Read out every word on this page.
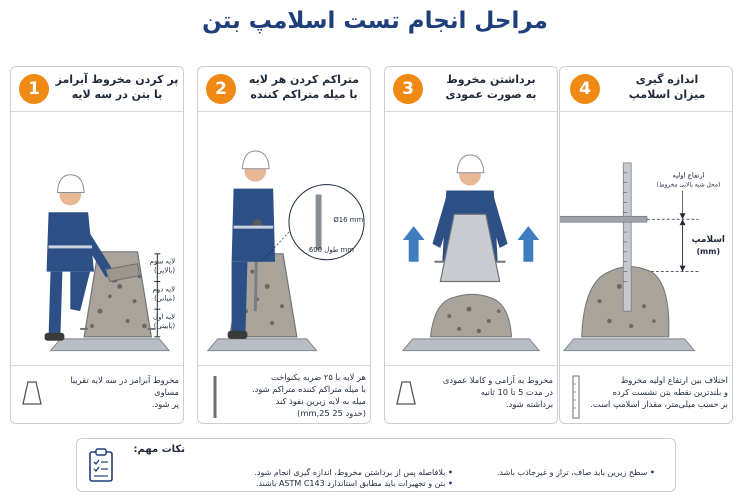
مراحل انجام تست اسلامپ بتن
1	پر کردن مخروط آبرامز
با بتن در سه لایه
لایه سوم
(بالایی)
لایه دوم
(میانی)
لایه اول
(پایینی)
مخروط آبرامز در سه لایه تقریبا مساوی
پر شود.
2	متراکم کردن هر لایه
با میله متراکم کننده
Ø16 mm
طول 600 mm
هر لایه با ۲۵ ضربه یکنواخت
با میله متراکم کننده متراکم شود.
میله به لایه زیرین نفوذ کند
(حدود 25 mm,25)
3	برداشتن مخروط
به صورت عمودی
مخروط به آرامی و کاملا عمودی
در مدت 5 تا 10 ثانیه
برداشته شود.
4	اندازه گیری
میزان اسلامپ
ارتفاع اولیه
(محل شبه بالایی مخروط)
اسلامپ
(mm)
اختلاف بین ارتفاع اولیه مخروط
و بلندترین نقطه بتن نشست کرده
بر حسب میلی‌متر، مقدار اسلامپ است.
نکات مهم:
• سطح زیرین باید صاف، تراز و غیرجاذب باشد.
• بلافاصله پس از برداشتن مخروط، اندازه گیری انجام شود.
• بتن و تجهیزات باید مطابق استاندارد ASTM C143 باشند.
